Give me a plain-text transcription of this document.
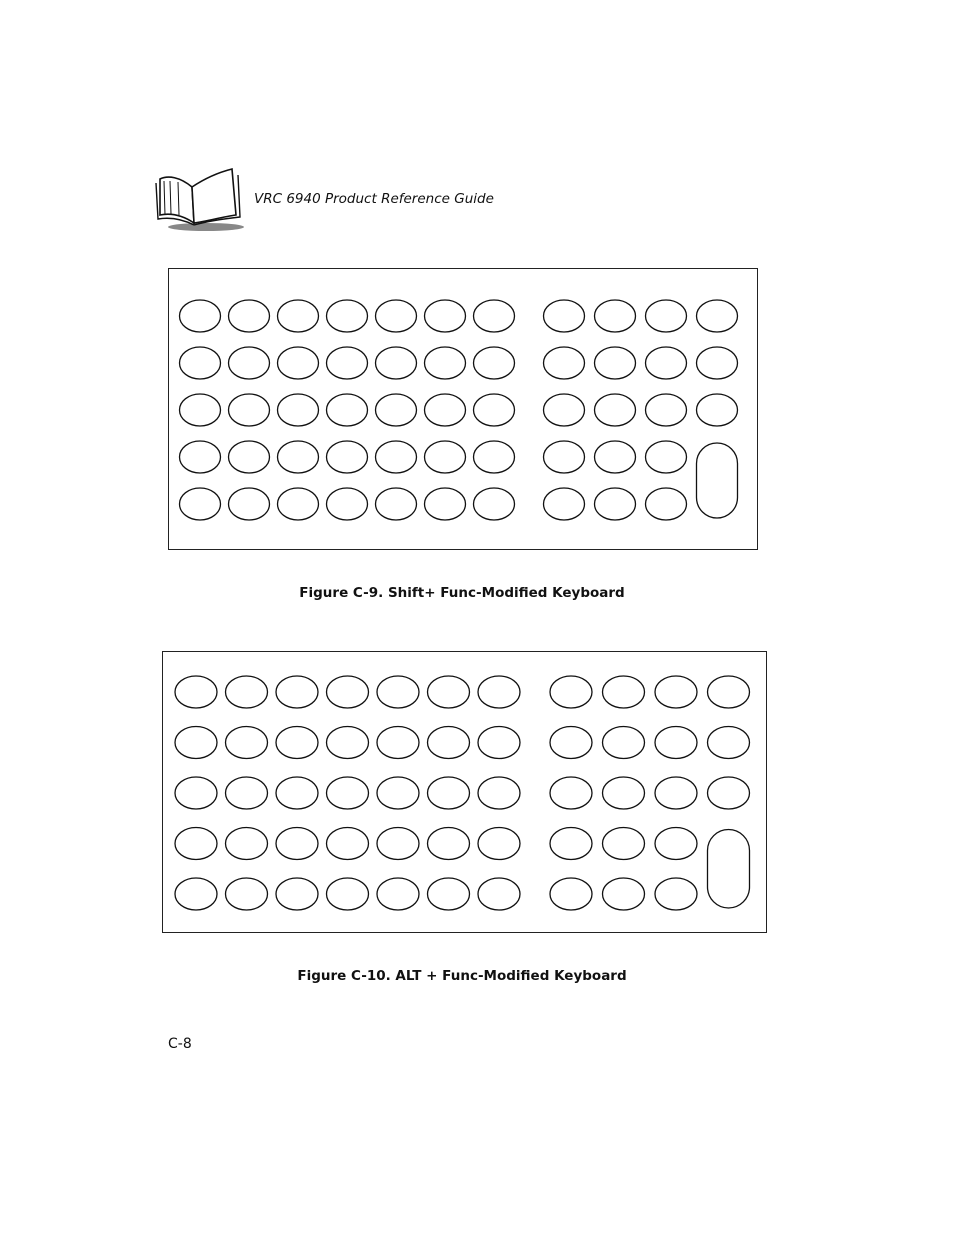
VRC 6940 Product Reference Guide
Figure C-9. Shift+ Func-Modified Keyboard
Figure C-10. ALT + Func-Modified Keyboard
C-8
